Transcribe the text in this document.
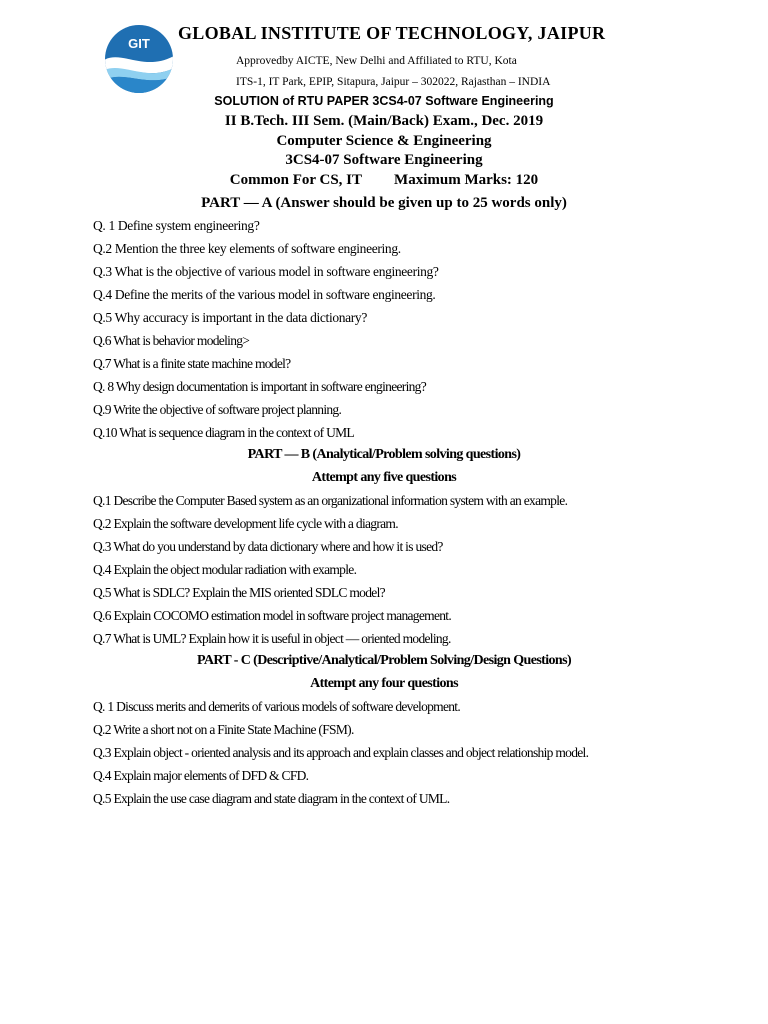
GIT
GLOBAL INSTITUTE OF TECHNOLOGY, JAIPUR
Approvedby AICTE, New Delhi and Affiliated to RTU, Kota
ITS-1, IT Park, EPIP, Sitapura, Jaipur – 302022, Rajasthan – INDIA
SOLUTION of RTU PAPER 3CS4-07 Software Engineering
II B.Tech. III Sem. (Main/Back) Exam., Dec. 2019
Computer Science & Engineering
3CS4-07 Software Engineering
Common For CS, IT Maximum Marks: 120
PART — A (Answer should be given up to 25 words only)
Q. 1 Define system engineering?
Q.2 Mention the three key elements of software engineering.
Q.3 What is the objective of various model in software engineering?
Q.4 Define the merits of the various model in software engineering.
Q.5 Why accuracy is important in the data dictionary?
Q.6 What is behavior modeling>
Q.7 What is a finite state machine model?
Q. 8 Why design documentation is important in software engineering?
Q.9 Write the objective of software project planning.
Q.10 What is sequence diagram in the context of UML
PART — B (Analytical/Problem solving questions)
Attempt any five questions
Q.1 Describe the Computer Based system as an organizational information system with an example.
Q.2 Explain the software development life cycle with a diagram.
Q.3 What do you understand by data dictionary where and how it is used?
Q.4 Explain the object modular radiation with example.
Q.5 What is SDLC? Explain the MIS oriented SDLC model?
Q.6 Explain COCOMO estimation model in software project management.
Q.7 What is UML? Explain how it is useful in object — oriented modeling.
PART - C (Descriptive/Analytical/Problem Solving/Design Questions)
Attempt any four questions
Q. 1 Discuss merits and demerits of various models of software development.
Q.2 Write a short not on a Finite State Machine (FSM).
Q.3 Explain object - oriented analysis and its approach and explain classes and object relationship model.
Q.4 Explain major elements of DFD & CFD.
Q.5 Explain the use case diagram and state diagram in the context of UML.
